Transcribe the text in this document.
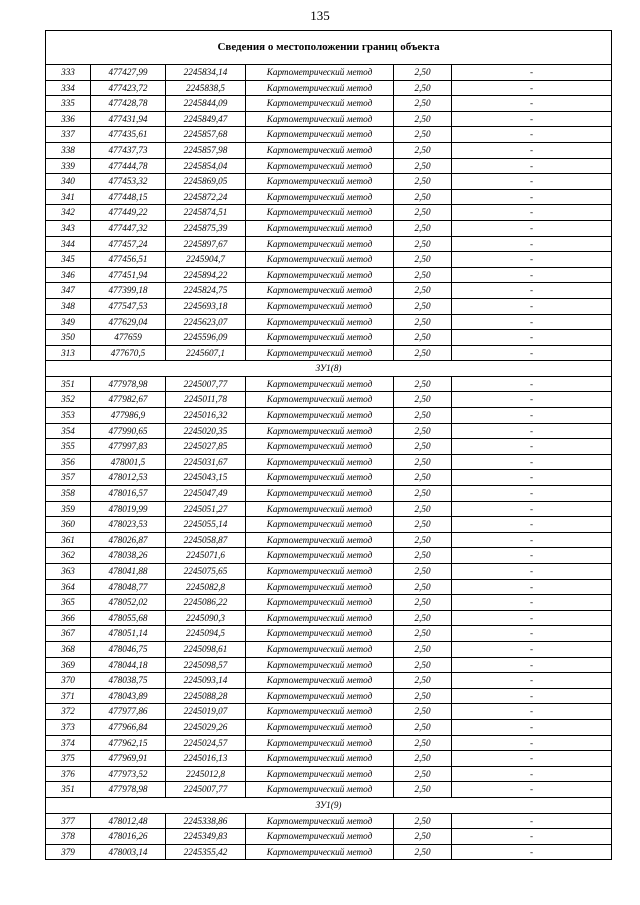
135
Сведения о местоположении границ объекта					
333	477427,99	2245834,14	Картометрический метод	2,50	-
334	477423,72	2245838,5	Картометрический метод	2,50	-
335	477428,78	2245844,09	Картометрический метод	2,50	-
336	477431,94	2245849,47	Картометрический метод	2,50	-
337	477435,61	2245857,68	Картометрический метод	2,50	-
338	477437,73	2245857,98	Картометрический метод	2,50	-
339	477444,78	2245854,04	Картометрический метод	2,50	-
340	477453,32	2245869,05	Картометрический метод	2,50	-
341	477448,15	2245872,24	Картометрический метод	2,50	-
342	477449,22	2245874,51	Картометрический метод	2,50	-
343	477447,32	2245875,39	Картометрический метод	2,50	-
344	477457,24	2245897,67	Картометрический метод	2,50	-
345	477456,51	2245904,7	Картометрический метод	2,50	-
346	477451,94	2245894,22	Картометрический метод	2,50	-
347	477399,18	2245824,75	Картометрический метод	2,50	-
348	477547,53	2245693,18	Картометрический метод	2,50	-
349	477629,04	2245623,07	Картометрический метод	2,50	-
350	477659	2245596,09	Картометрический метод	2,50	-
313	477670,5	2245607,1	Картометрический метод	2,50	-
ЗУ1(8)					
351	477978,98	2245007,77	Картометрический метод	2,50	-
352	477982,67	2245011,78	Картометрический метод	2,50	-
353	477986,9	2245016,32	Картометрический метод	2,50	-
354	477990,65	2245020,35	Картометрический метод	2,50	-
355	477997,83	2245027,85	Картометрический метод	2,50	-
356	478001,5	2245031,67	Картометрический метод	2,50	-
357	478012,53	2245043,15	Картометрический метод	2,50	-
358	478016,57	2245047,49	Картометрический метод	2,50	-
359	478019,99	2245051,27	Картометрический метод	2,50	-
360	478023,53	2245055,14	Картометрический метод	2,50	-
361	478026,87	2245058,87	Картометрический метод	2,50	-
362	478038,26	2245071,6	Картометрический метод	2,50	-
363	478041,88	2245075,65	Картометрический метод	2,50	-
364	478048,77	2245082,8	Картометрический метод	2,50	-
365	478052,02	2245086,22	Картометрический метод	2,50	-
366	478055,68	2245090,3	Картометрический метод	2,50	-
367	478051,14	2245094,5	Картометрический метод	2,50	-
368	478046,75	2245098,61	Картометрический метод	2,50	-
369	478044,18	2245098,57	Картометрический метод	2,50	-
370	478038,75	2245093,14	Картометрический метод	2,50	-
371	478043,89	2245088,28	Картометрический метод	2,50	-
372	477977,86	2245019,07	Картометрический метод	2,50	-
373	477966,84	2245029,26	Картометрический метод	2,50	-
374	477962,15	2245024,57	Картометрический метод	2,50	-
375	477969,91	2245016,13	Картометрический метод	2,50	-
376	477973,52	2245012,8	Картометрический метод	2,50	-
351	477978,98	2245007,77	Картометрический метод	2,50	-
ЗУ1(9)					
377	478012,48	2245338,86	Картометрический метод	2,50	-
378	478016,26	2245349,83	Картометрический метод	2,50	-
379	478003,14	2245355,42	Картометрический метод	2,50	-
